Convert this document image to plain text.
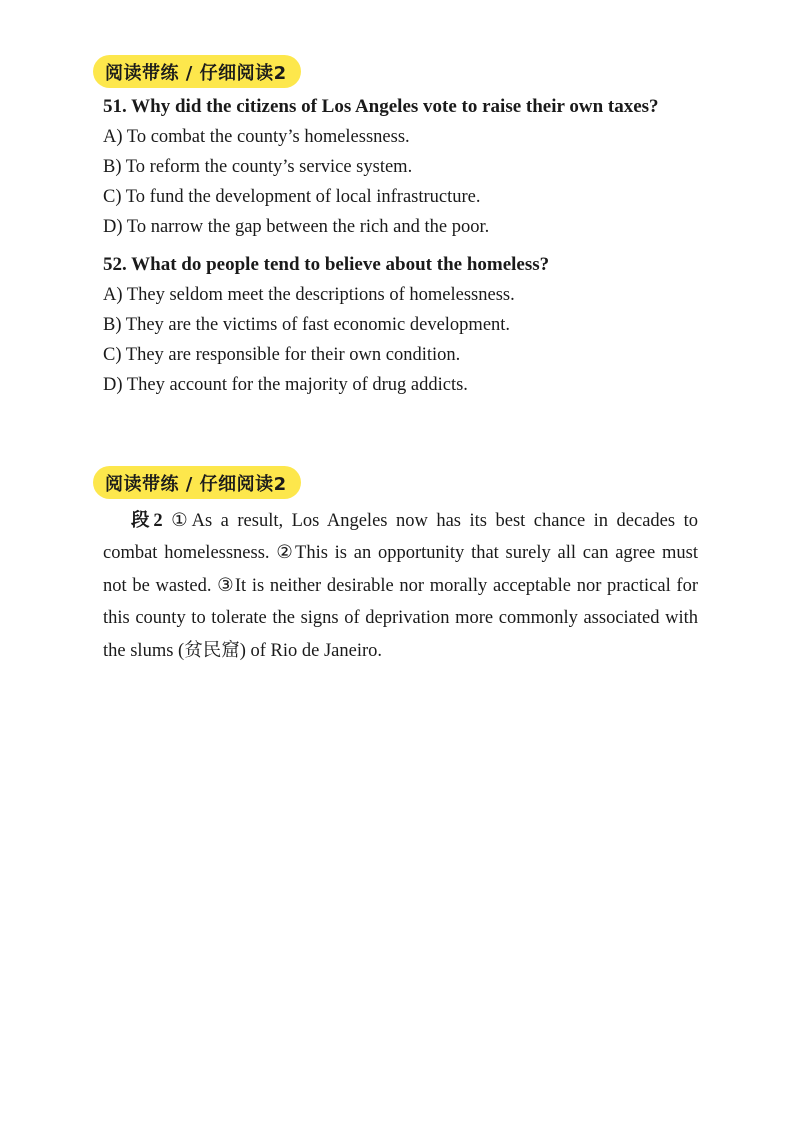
阅读带练 / 仔细阅读2

51. Why did the citizens of Los Angeles vote to raise their own taxes?

A) To combat the county’s homelessness.
B) To reform the county’s service system.
C) To fund the development of local infrastructure.
D) To narrow the gap between the rich and the poor.

52. What do people tend to believe about the homeless?

A) They seldom meet the descriptions of homelessness.
B) They are the victims of fast economic development.
C) They are responsible for their own condition.
D) They account for the majority of drug addicts.
阅读带练 / 仔细阅读2

段2 ①As a result, Los Angeles now has its best chance in decades to combat homelessness. ②This is an opportunity that surely all can agree must not be wasted. ③It is neither desirable nor morally acceptable nor practical for this county to tolerate the signs of deprivation more commonly associated with the slums (贫民窟) of Rio de Janeiro.
